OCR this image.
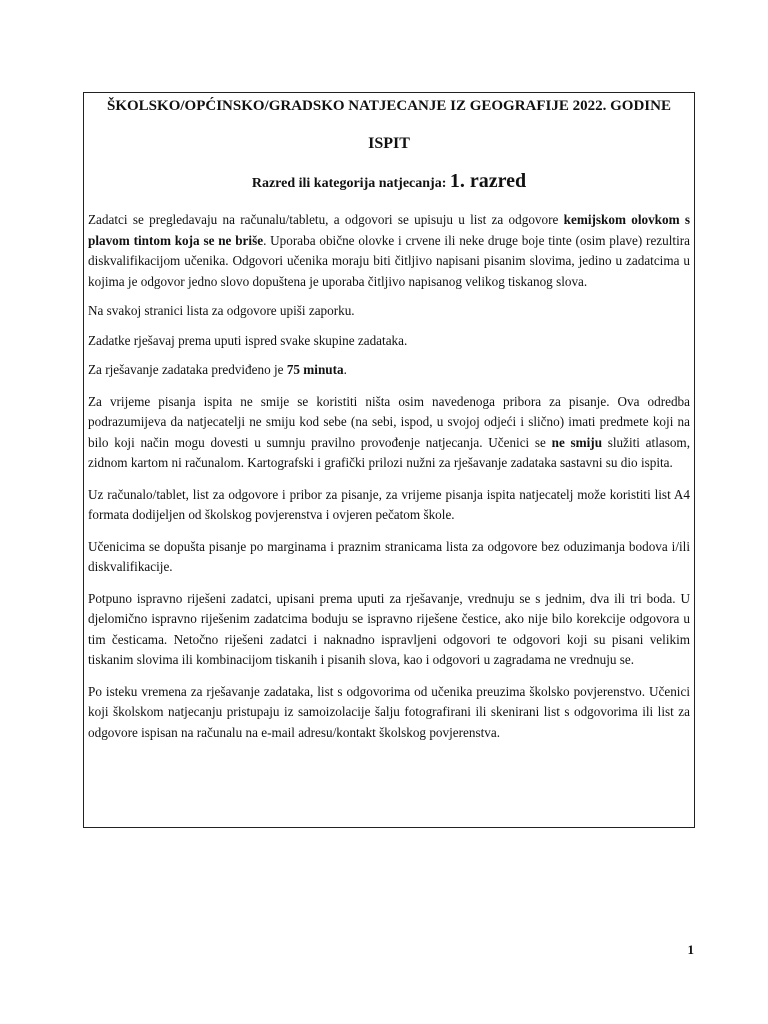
ŠKOLSKO/OPĆINSKO/GRADSKO NATJECANJE IZ GEOGRAFIJE 2022. GODINE

ISPIT

Razred ili kategorija natjecanja: 1. razred

Zadatci se pregledavaju na računalu/tabletu, a odgovori se upisuju u list za odgovore kemijskom olovkom s plavom tintom koja se ne briše. Uporaba obične olovke i crvene ili neke druge boje tinte (osim plave) rezultira diskvalifikacijom učenika. Odgovori učenika moraju biti čitljivo napisani pisanim slovima, jedino u zadatcima u kojima je odgovor jedno slovo dopuštena je uporaba čitljivo napisanog velikog tiskanog slova.

Na svakoj stranici lista za odgovore upiši zaporku.

Zadatke rješavaj prema uputi ispred svake skupine zadataka.

Za rješavanje zadataka predviđeno je 75 minuta.

Za vrijeme pisanja ispita ne smije se koristiti ništa osim navedenoga pribora za pisanje. Ova odredba podrazumijeva da natjecatelji ne smiju kod sebe (na sebi, ispod, u svojoj odjeći i slično) imati predmete koji na bilo koji način mogu dovesti u sumnju pravilno provođenje natjecanja. Učenici se ne smiju služiti atlasom, zidnom kartom ni računalom. Kartografski i grafički prilozi nužni za rješavanje zadataka sastavni su dio ispita.

Uz računalo/tablet, list za odgovore i pribor za pisanje, za vrijeme pisanja ispita natjecatelj može koristiti list A4 formata dodijeljen od školskog povjerenstva i ovjeren pečatom škole.

Učenicima se dopušta pisanje po marginama i praznim stranicama lista za odgovore bez oduzimanja bodova i/ili diskvalifikacije.

Potpuno ispravno riješeni zadatci, upisani prema uputi za rješavanje, vrednuju se s jednim, dva ili tri boda. U djelomično ispravno riješenim zadatcima boduju se ispravno riješene čestice, ako nije bilo korekcije odgovora u tim česticama. Netočno riješeni zadatci i naknadno ispravljeni odgovori te odgovori koji su pisani velikim tiskanim slovima ili kombinacijom tiskanih i pisanih slova, kao i odgovori u zagradama ne vrednuju se.

Po isteku vremena za rješavanje zadataka, list s odgovorima od učenika preuzima školsko povjerenstvo. Učenici koji školskom natjecanju pristupaju iz samoizolacije šalju fotografirani ili skenirani list s odgovorima ili list za odgovore ispisan na računalu na e-mail adresu/kontakt školskog povjerenstva.

1
